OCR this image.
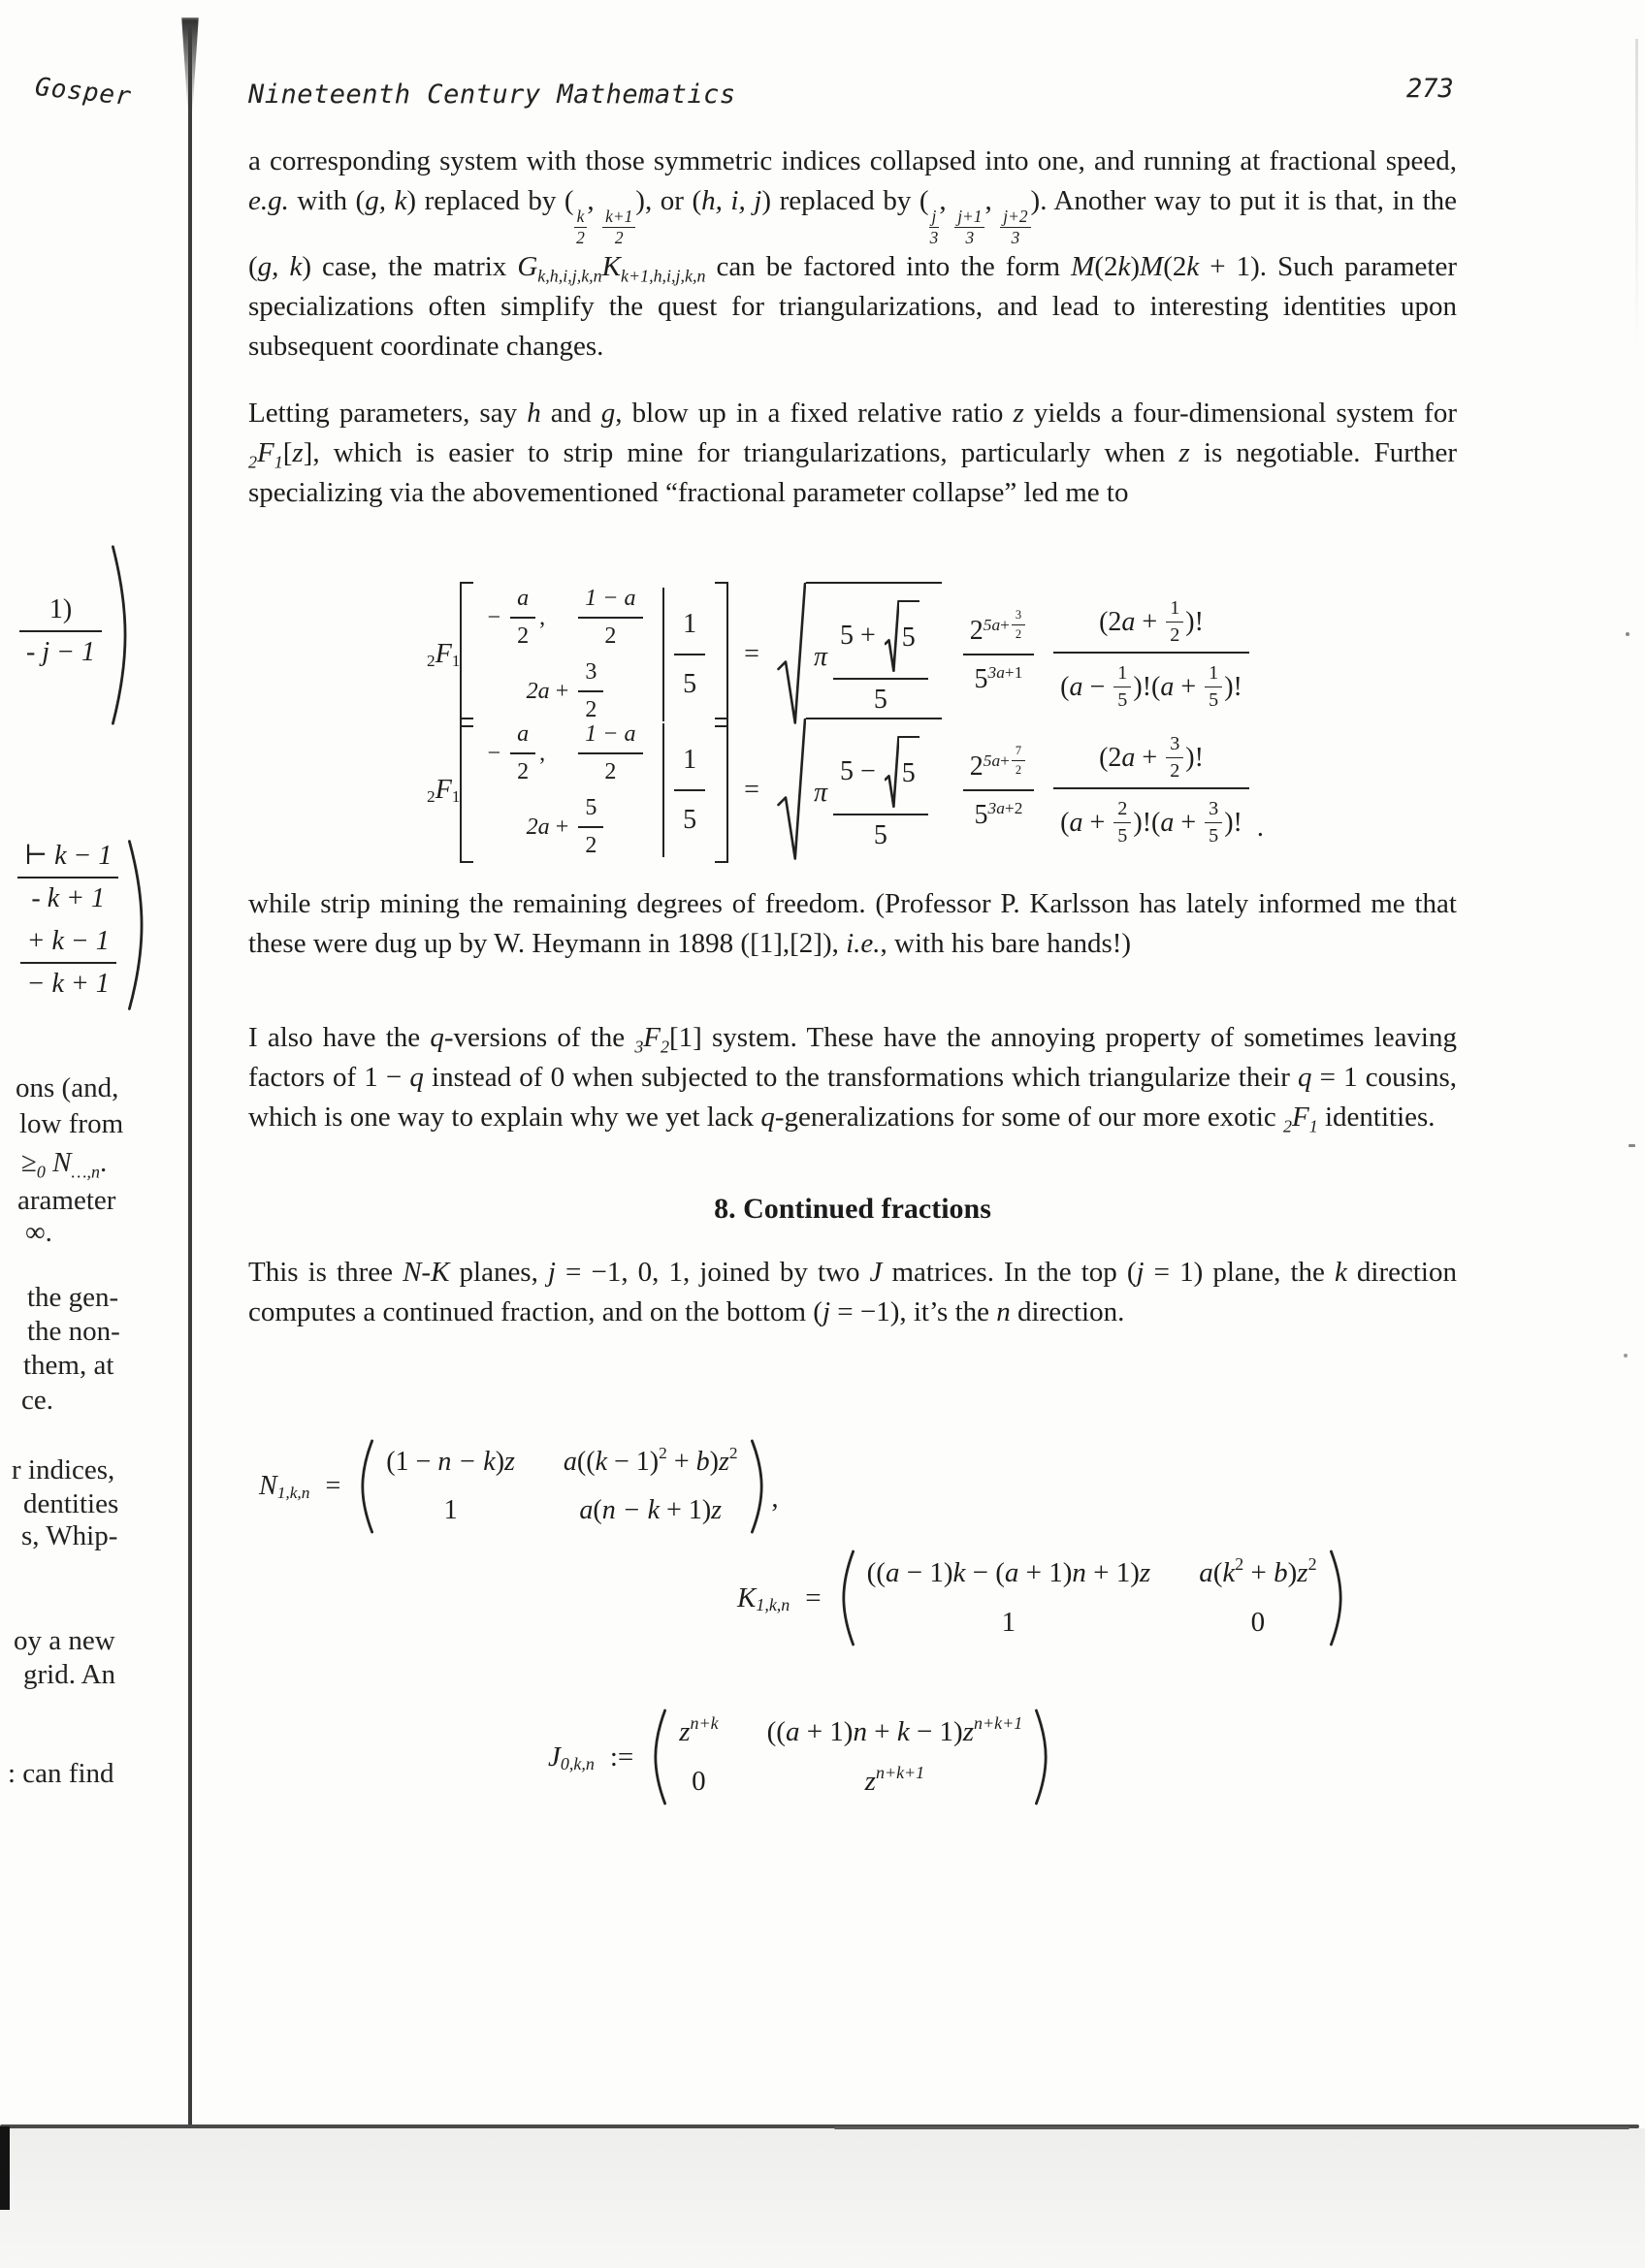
Gosper	Nineteenth Century Mathematics	273

a corresponding system with those symmetric indices collapsed into one, and running at fractional speed, e.g. with (g, k) replaced by (
$\frac{k}{2}$
,
$\frac{k+1}{2}$
), or (h, i, j) replaced by (
$\frac{j}{3}$
,
$\frac{j+1}{3}$
,
$\frac{j+2}{3}$
). Another way to put it is that, in the (g, k) case, the matrix $G_{k,h,i,j,k,n}K_{k+1,h,i,j,k,n}$ can be factored into the form M(2k)M(2k + 1). Such parameter specializations often simplify the quest for triangularizations, and lead to interesting identities upon subsequent coordinate changes.

Letting parameters, say h and g, blow up in a fixed relative ratio z yields a four-dimensional system for $_2F_1[z]$, which is easier to strip mine for triangularizations, particularly when z is negotiable. Further specializing via the abovementioned “fractional parameter collapse” led me to

2 F 1
− $\frac{a}{2}$ , $\frac{1 - a}{2}$
$2a + \frac{3}{2}$	$\frac{1}{5}$	=	π $\frac{5 + 5}{5} \frac{2 5a + \frac{3}{2}}{5 3a +1} \frac{(2 a + \frac{1}{2} )!}{( a - \frac{1}{5} )!( a + \frac{1}{5} )!}$
2 F 1
− $\frac{a}{2}$ , $\frac{1 - a}{2}$
$2a + \frac{5}{2}$	$\frac{1}{5}$	=	π $\frac{5 - 5}{5} \frac{2 5a + \frac{7}{2}}{5 3a +2} \frac{(2 a + \frac{3}{2} )!}{( a + \frac{2}{5} )!( a + \frac{3}{5} )!}$ .

while strip mining the remaining degrees of freedom. (Professor P. Karlsson has lately informed me that these were dug up by W. Heymann in 1898 ([1],[2]), i.e., with his bare hands!)

I also have the q-versions of the $_3F_2[1]$ system. These have the annoying property of sometimes leaving factors of 1 − q instead of 0 when subjected to the transformations which triangularize their q = 1 cousins, which is one way to explain why we yet lack q-generalizations for some of our more exotic $_2F_1$ identities.

8. Continued fractions

This is three N-K planes, j = −1, 0, 1, joined by two J matrices. In the top (j = 1) plane, the k direction computes a continued fraction, and on the bottom (j = −1), it’s the n direction.

N 1,k,n =
(1 − n − k ) z a (( k − 1) 2 + b ) z 2
1	a ( n − k + 1) z ,
K 1,k,n =
(( a − 1) k − ( a + 1) n + 1) z a ( k 2 + b ) z 2
1	0
J 0,k,n :=
z n+k (( a + 1) n + k − 1) z n+k+1
0	z n+k+1
$\frac{1)}{- j - 1}$
$\frac{⊢ k - 1}{- k + 1}$
$\frac{+ k - 1}{- k + 1}$
ons (and,
low from
$\ge_0$ $N_{\dots,n}$.
arameter
∞.
the gen-
the non-
them, at
ce.
r indices,
dentities
s, Whip-
oy a new
grid. An
: can find
